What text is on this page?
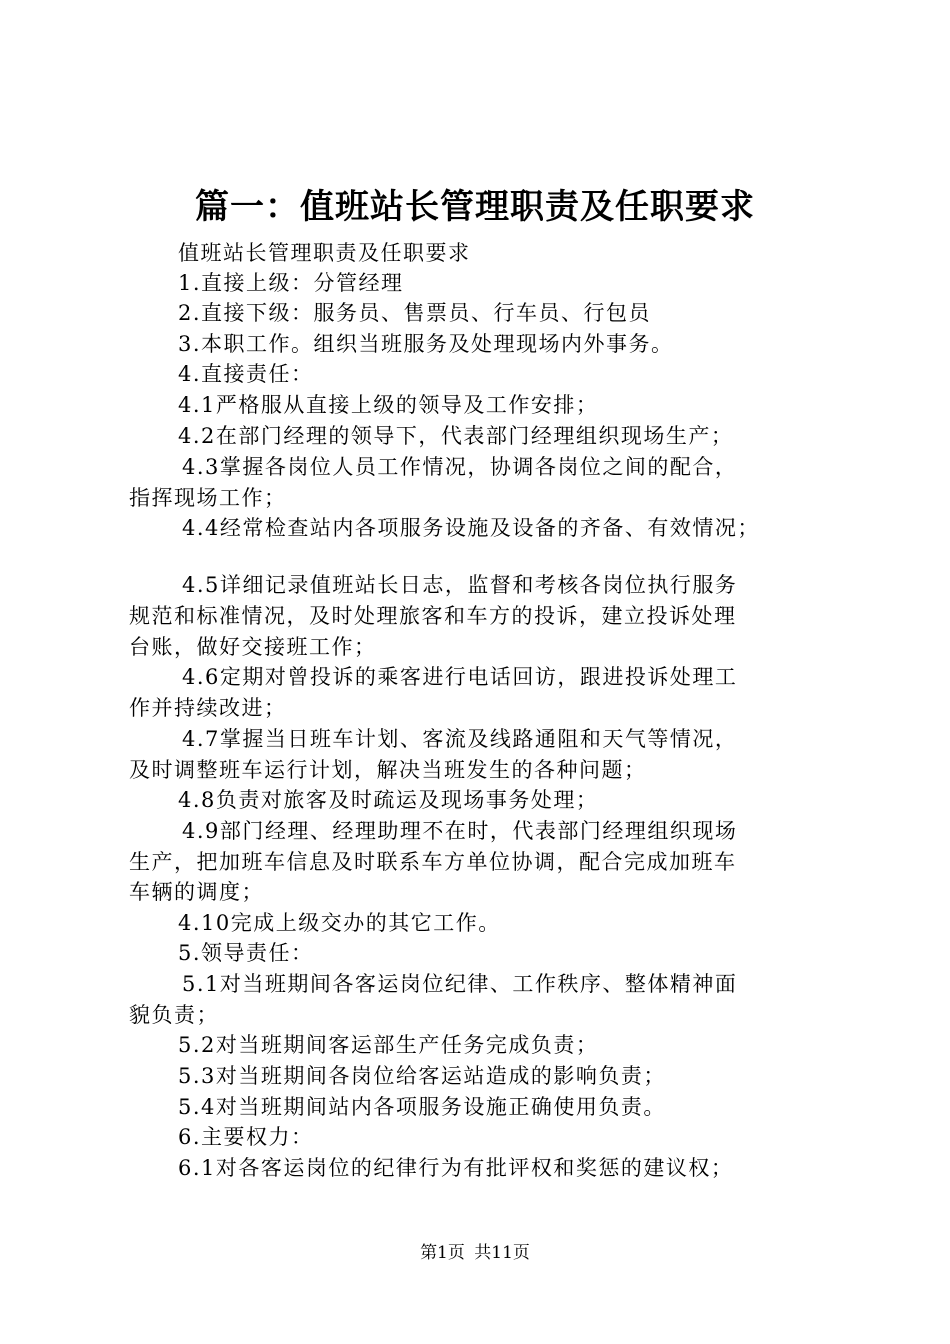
篇一：值班站长管理职责及任职要求

值班站长管理职责及任职要求

1.直接上级：分管经理

2.直接下级：服务员、售票员、行车员、行包员

3.本职工作。组织当班服务及处理现场内外事务。

4.直接责任：

4.1严格服从直接上级的领导及工作安排；

4.2在部门经理的领导下，代表部门经理组织现场生产；

4.3掌握各岗位人员工作情况，协调各岗位之间的配合，

指挥现场工作；

4.4经常检查站内各项服务设施及设备的齐备、有效情况；

4.5详细记录值班站长日志，监督和考核各岗位执行服务

规范和标准情况，及时处理旅客和车方的投诉，建立投诉处理

台账，做好交接班工作；

4.6定期对曾投诉的乘客进行电话回访，跟进投诉处理工

作并持续改进；

4.7掌握当日班车计划、客流及线路通阻和天气等情况，

及时调整班车运行计划，解决当班发生的各种问题；

4.8负责对旅客及时疏运及现场事务处理；

4.9部门经理、经理助理不在时，代表部门经理组织现场

生产，把加班车信息及时联系车方单位协调，配合完成加班车

车辆的调度；

4.10完成上级交办的其它工作。

5.领导责任：

5.1对当班期间各客运岗位纪律、工作秩序、整体精神面

貌负责；

5.2对当班期间客运部生产任务完成负责；

5.3对当班期间各岗位给客运站造成的影响负责；

5.4对当班期间站内各项服务设施正确使用负责。

6.主要权力：

6.1对各客运岗位的纪律行为有批评权和奖惩的建议权；

第1页 共11页
